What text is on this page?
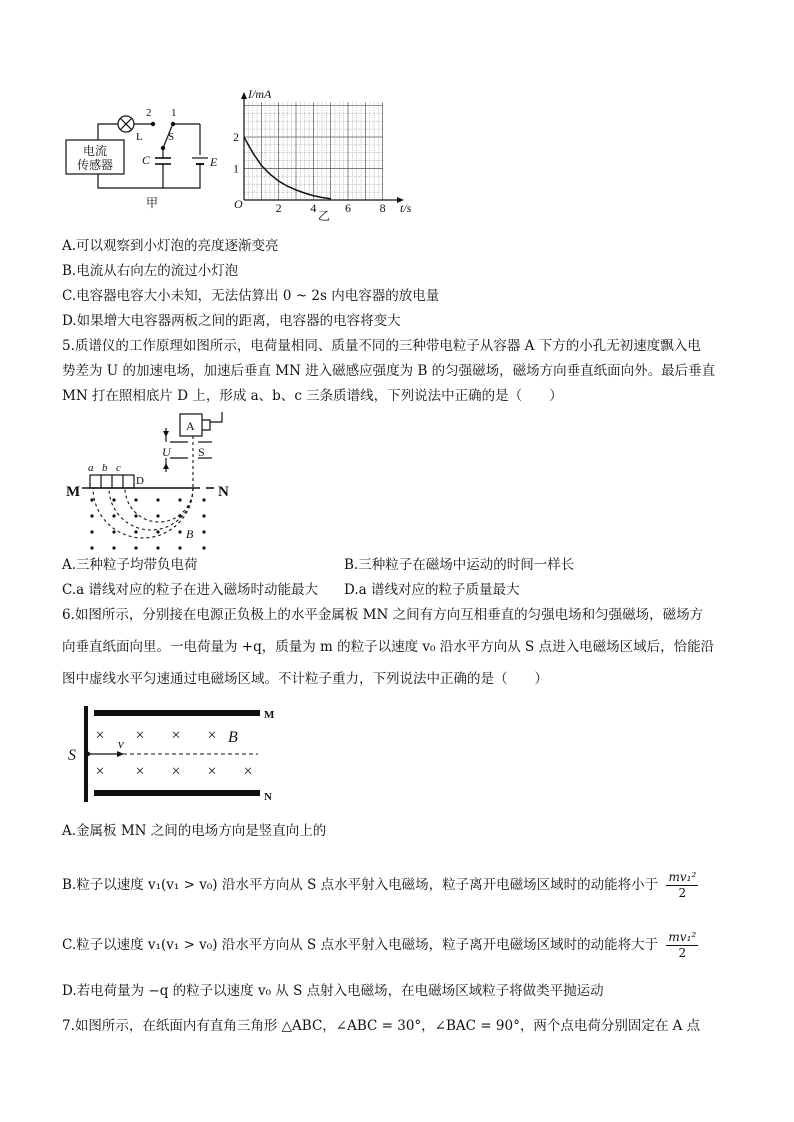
电流
传感器
L
2 1
S
C	E
甲	2 4 6 8
1
2
I/mA
t/s
O
乙
A.可以观察到小灯泡的亮度逐渐变亮
B.电流从右向左的流过小灯泡
C.电容器电容大小未知，无法估算出 0 ~ 2s 内电容器的放电量
D.如果增大电容器两板之间的距离，电容器的电容将变大
5.质谱仪的工作原理如图所示，电荷量相同、质量不同的三种带电粒子从容器 A 下方的小孔无初速度飘入电
势差为 U 的加速电场，加速后垂直 MN 进入磁感应强度为 B 的匀强磁场，磁场方向垂直纸面向外。最后垂直
MN 打在照相底片 D 上，形成 a、b、c 三条质谱线，下列说法中正确的是（　　）
A
U S
M	N
a b c
D
B
A.三种粒子均带负电荷	B.三种粒子在磁场中运动的时间一样长
C.a 谱线对应的粒子在进入磁场时动能最大 D.a 谱线对应的粒子质量最大
6.如图所示，分别接在电源正负极上的水平金属板 MN 之间有方向互相垂直的匀强电场和匀强磁场，磁场方
向垂直纸面向里。一电荷量为 +q，质量为 m 的粒子以速度 v₀ 沿水平方向从 S 点进入电磁场区域后，恰能沿
图中虚线水平匀速通过电磁场区域。不计粒子重力，下列说法中正确的是（　　）
× × × ×
× × × × ×
S
M
N
v	B
A.金属板 MN 之间的电场方向是竖直向上的
B.粒子以速度 v₁(v₁ > v₀) 沿水平方向从 S 点水平射入电磁场，粒子离开电磁场区域时的动能将小于 $\frac{\text{mv₁²}}{2}$
C.粒子以速度 v₁(v₁ > v₀) 沿水平方向从 S 点水平射入电磁场，粒子离开电磁场区域时的动能将大于 $\frac{\text{mv₁²}}{2}$
D.若电荷量为 −q 的粒子以速度 v₀ 从 S 点射入电磁场，在电磁场区域粒子将做类平抛运动
7.如图所示，在纸面内有直角三角形 △ABC，∠ABC = 30°，∠BAC = 90°，两个点电荷分别固定在 A 点
